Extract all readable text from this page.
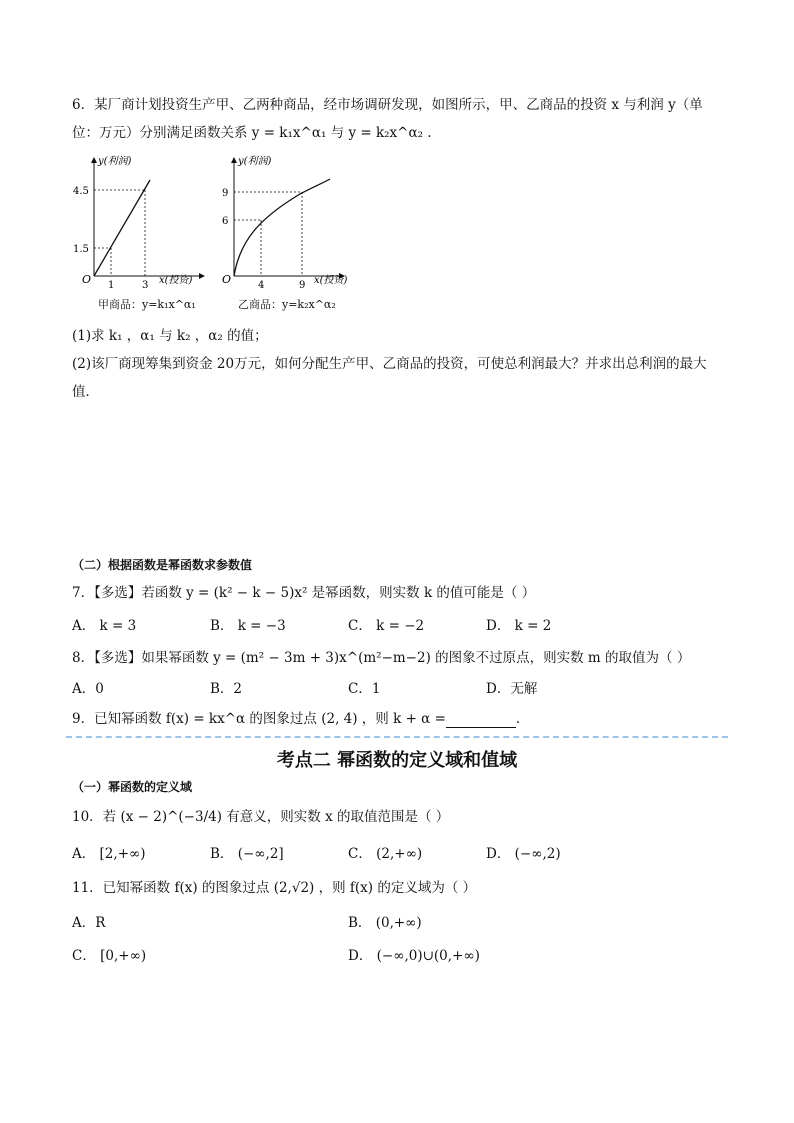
6．某厂商计划投资生产甲、乙两种商品，经市场调研发现，如图所示，甲、乙商品的投资 x 与利润 y（单
位：万元）分别满足函数关系 y = k₁x^α₁ 与 y = k₂x^α₂ .
y(利润)
x(投资)
O
4.5
1.5
1	3
甲商品：y=k₁x^α₁
y(利润)
x(投资)
O
9
6
4	9
乙商品：y=k₂x^α₂
(1)求 k₁ ，α₁ 与 k₂ ，α₂ 的值；
(2)该厂商现筹集到资金 20万元，如何分配生产甲、乙商品的投资，可使总利润最大？并求出总利润的最大
值．
（二）根据函数是幂函数求参数值
7．【多选】若函数 y = (k² − k − 5)x² 是幂函数，则实数 k 的值可能是（ ）
A． k = 3	B． k = −3	C． k = −2	D． k = 2
8．【多选】如果幂函数 y = (m² − 3m + 3)x^(m²−m−2) 的图象不过原点，则实数 m 的取值为（ ）
A．0	B．2	C．1	D．无解
9．已知幂函数 f(x) = kx^α 的图象过点 (2, 4) ，则 k + α =	.
考点二 幂函数的定义域和值域
（一）幂函数的定义域
10．若 (x − 2)^(−3/4) 有意义，则实数 x 的取值范围是（ ）
A． [2,+∞)	B． (−∞,2]	C． (2,+∞)	D． (−∞,2)
11．已知幂函数 f(x) 的图象过点 (2,√2) ，则 f(x) 的定义域为（ ）
A．R	B． (0,+∞)
C． [0,+∞)	D． (−∞,0)∪(0,+∞)
